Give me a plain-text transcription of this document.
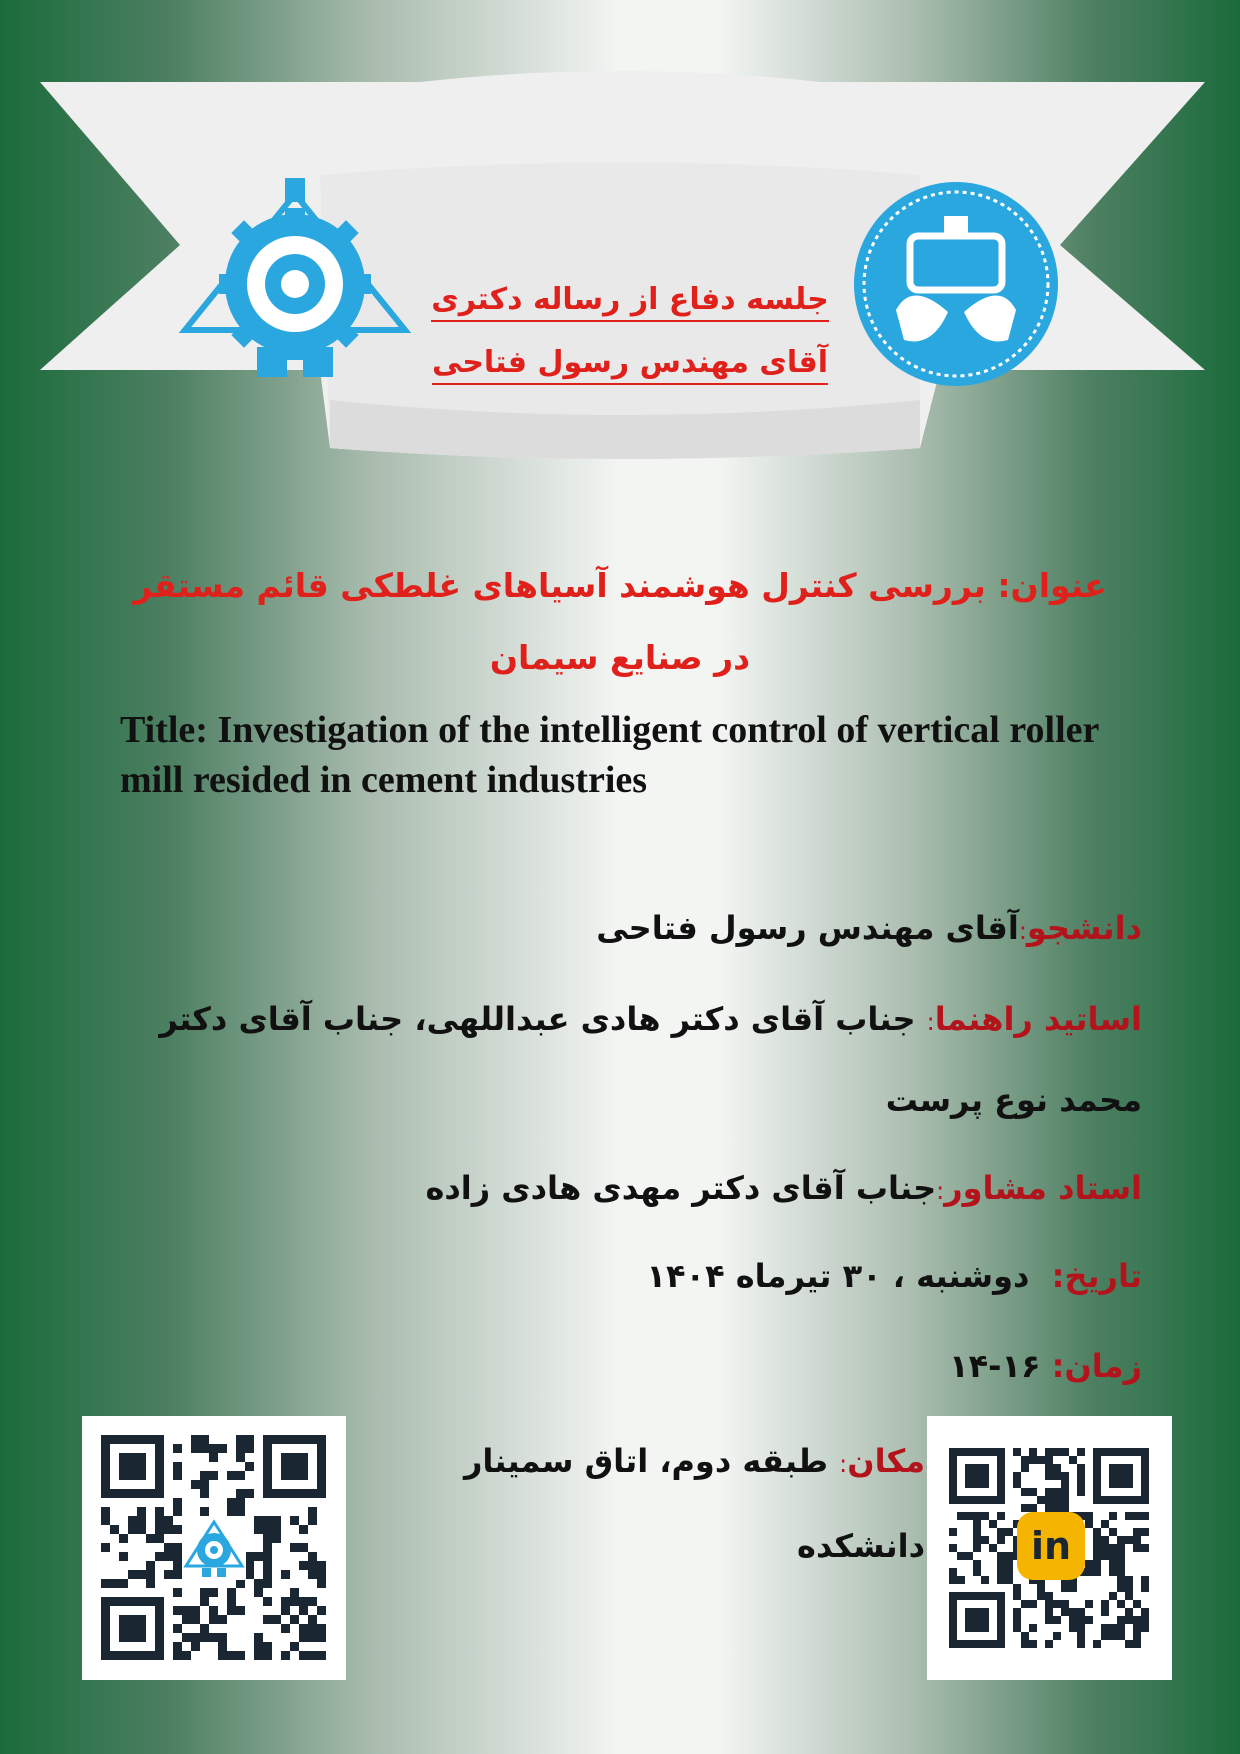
جلسه دفاع از رساله دکتری
آقای مهندس رسول فتاحی
عنوان: بررسی کنترل هوشمند آسیاهای غلطکی قائم مستقر در صنایع سیمان
Title: Investigation of the intelligent control of vertical roller mill resided in cement industries
دانشجو:آقای مهندس رسول فتاحی
اساتید راهنما: جناب آقای دکتر هادی عبداللهی، جناب آقای دکتر محمد نوع پرست
استاد مشاور:جناب آقای دکتر مهدی هادی زاده
تاریخ:  دوشنبه ، ۳۰ تیرماه ۱۴۰۴
زمان: ۱۶-۱۴
مکان: طبقه دوم، اتاق سمینار دانشکده	in
